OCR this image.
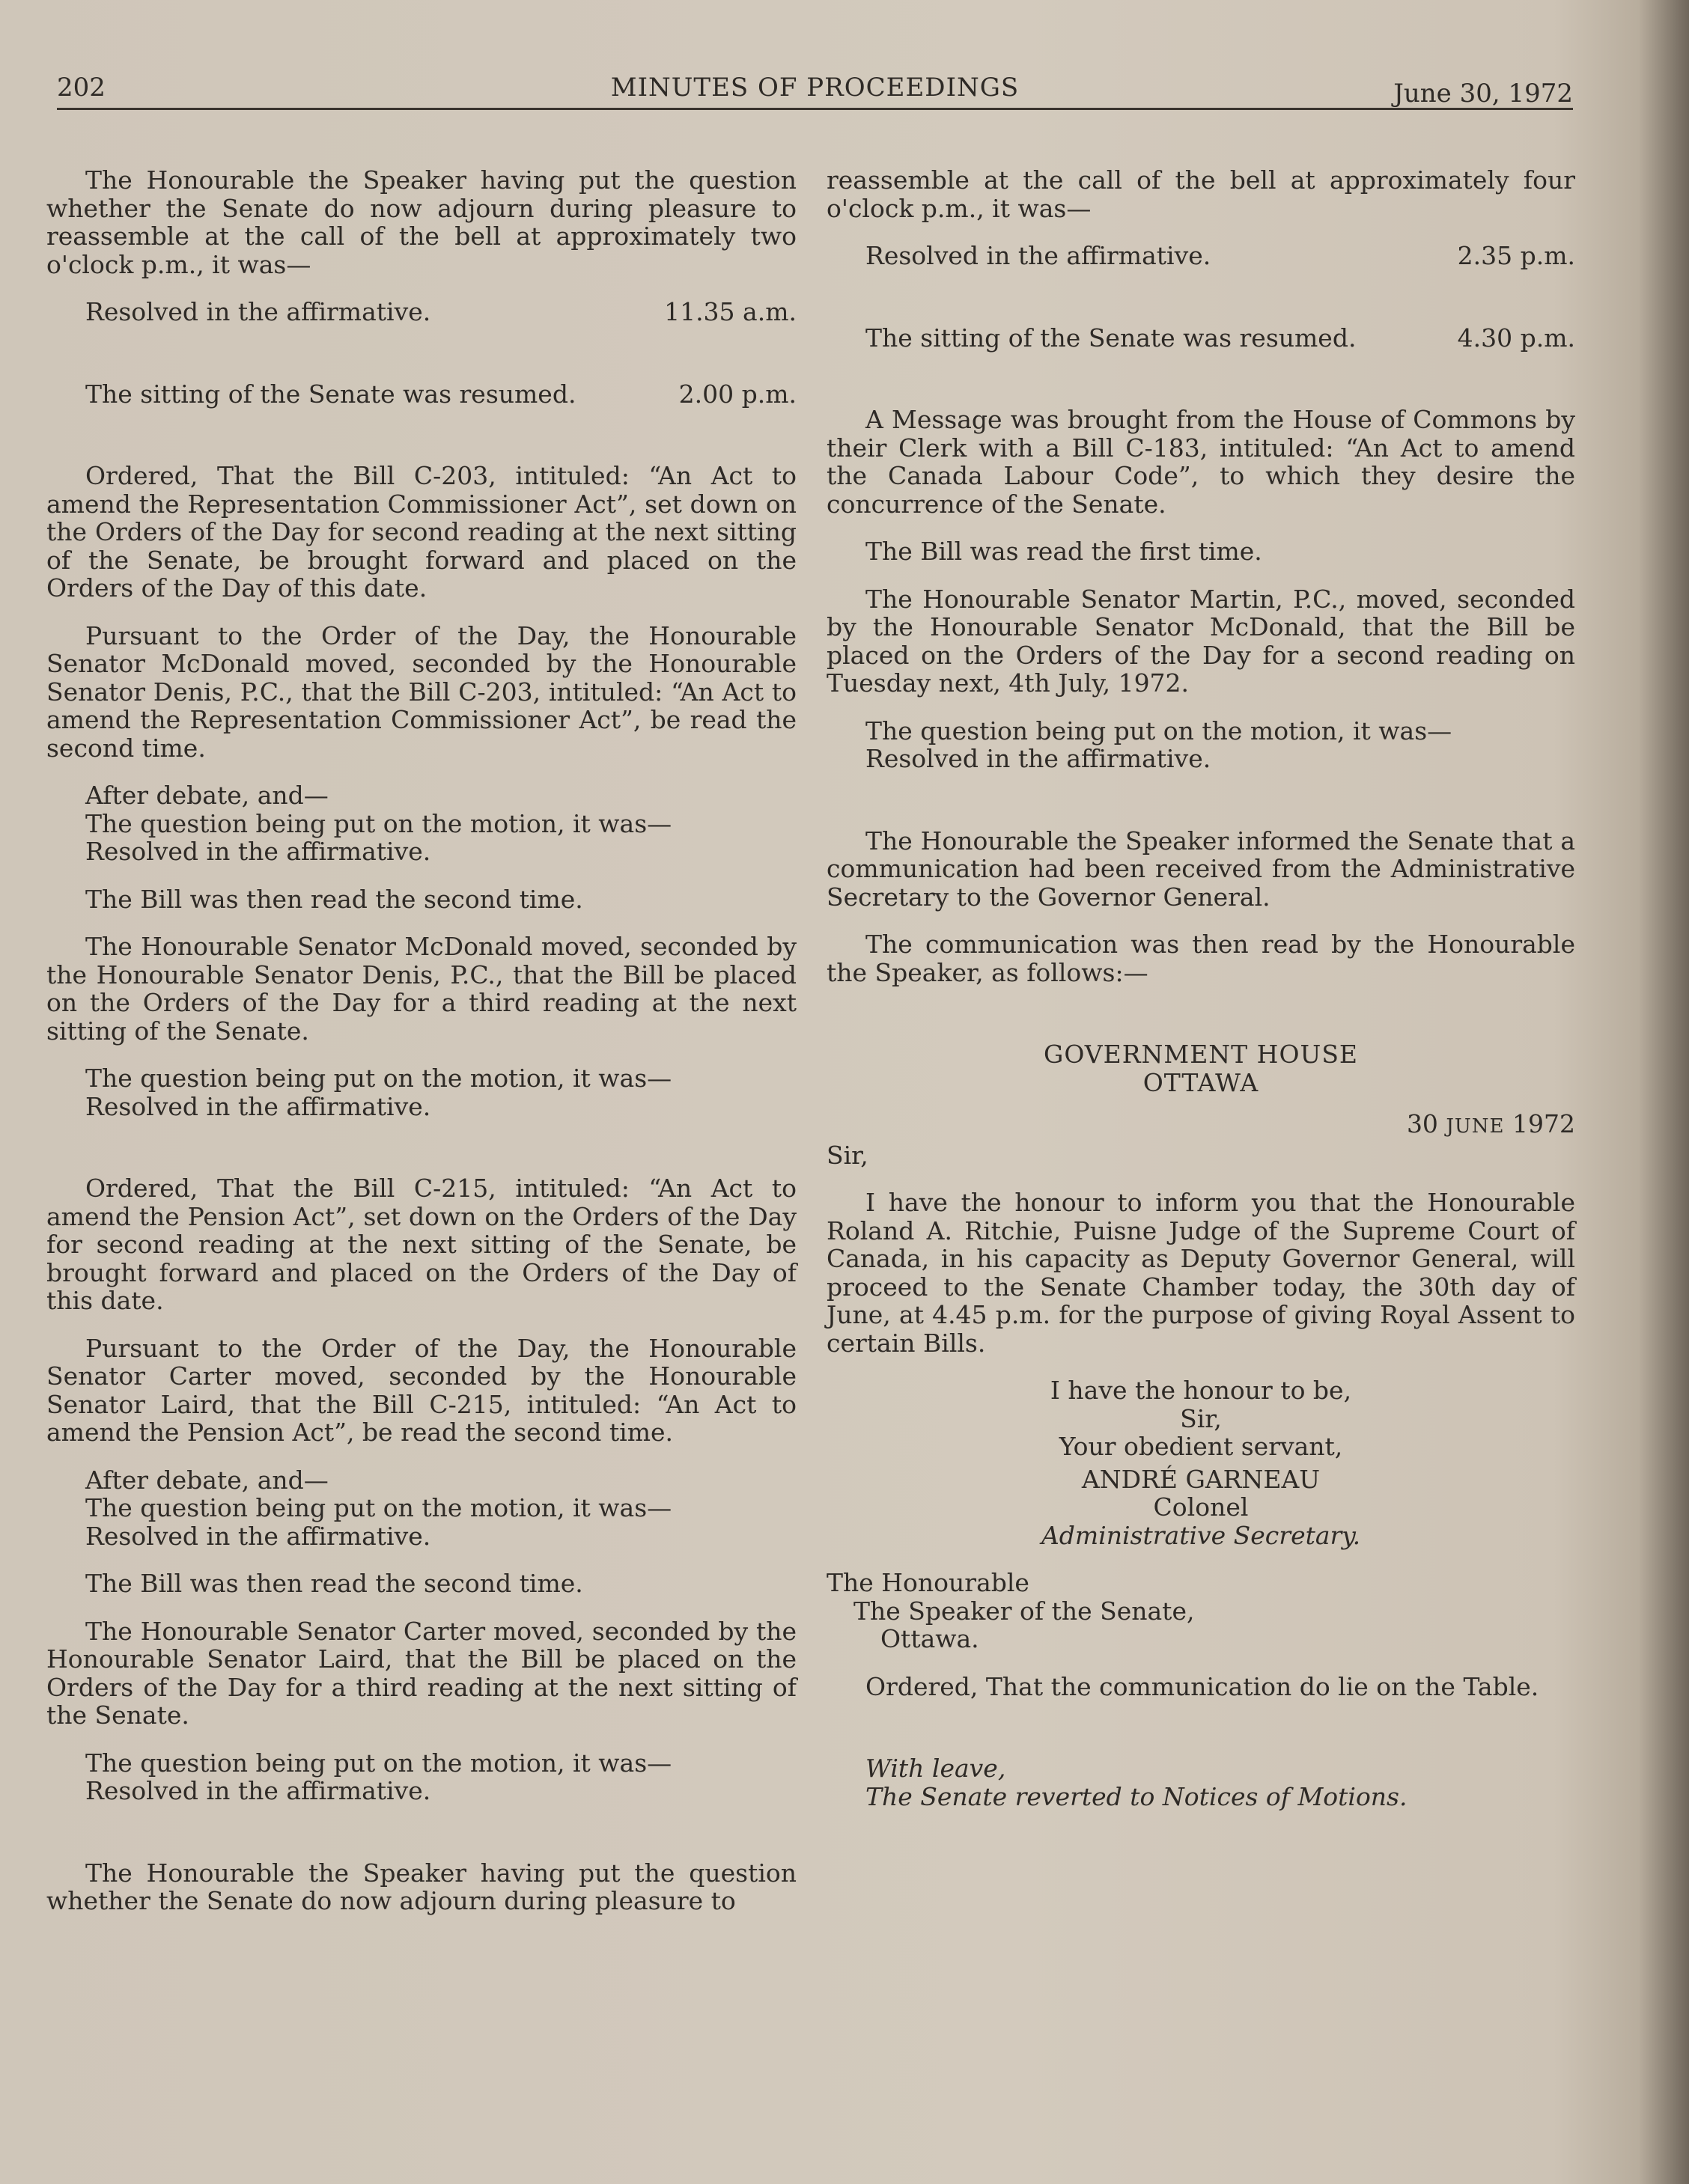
202	MINUTES OF PROCEEDINGS	June 30, 1972

The Honourable the Speaker having put the question whether the Senate do now adjourn during pleasure to reassemble at the call of the bell at approximately two o'clock p.m., it was—

Resolved in the affirmative.	11.35 a.m.
The sitting of the Senate was resumed.	2.00 p.m.

Ordered, That the Bill C-203, intituled: “An Act to amend the Representation Commissioner Act”, set down on the Orders of the Day for second reading at the next sitting of the Senate, be brought forward and placed on the Orders of the Day of this date.

Pursuant to the Order of the Day, the Honourable Senator McDonald moved, seconded by the Honourable Senator Denis, P.C., that the Bill C-203, intituled: “An Act to amend the Representation Commissioner Act”, be read the second time.

After debate, and—
The question being put on the motion, it was—
Resolved in the affirmative.

The Bill was then read the second time.

The Honourable Senator McDonald moved, seconded by the Honourable Senator Denis, P.C., that the Bill be placed on the Orders of the Day for a third reading at the next sitting of the Senate.

The question being put on the motion, it was—
Resolved in the affirmative.

Ordered, That the Bill C-215, intituled: “An Act to amend the Pension Act”, set down on the Orders of the Day for second reading at the next sitting of the Senate, be brought forward and placed on the Orders of the Day of this date.

Pursuant to the Order of the Day, the Honourable Senator Carter moved, seconded by the Honourable Senator Laird, that the Bill C-215, intituled: “An Act to amend the Pension Act”, be read the second time.

After debate, and—
The question being put on the motion, it was—
Resolved in the affirmative.

The Bill was then read the second time.

The Honourable Senator Carter moved, seconded by the Honourable Senator Laird, that the Bill be placed on the Orders of the Day for a third reading at the next sitting of the Senate.

The question being put on the motion, it was—
Resolved in the affirmative.

The Honourable the Speaker having put the question whether the Senate do now adjourn during pleasure to

reassemble at the call of the bell at approximately four o'clock p.m., it was—

Resolved in the affirmative.	2.35 p.m.
The sitting of the Senate was resumed.	4.30 p.m.

A Message was brought from the House of Commons by their Clerk with a Bill C-183, intituled: “An Act to amend the Canada Labour Code”, to which they desire the concurrence of the Senate.

The Bill was read the first time.

The Honourable Senator Martin, P.C., moved, seconded by the Honourable Senator McDonald, that the Bill be placed on the Orders of the Day for a second reading on Tuesday next, 4th July, 1972.

The question being put on the motion, it was—
Resolved in the affirmative.

The Honourable the Speaker informed the Senate that a communication had been received from the Administrative Secretary to the Governor General.

The communication was then read by the Honourable the Speaker, as follows:—

GOVERNMENT HOUSE

OTTAWA

30 JUNE 1972

Sir,

I have the honour to inform you that the Honourable Roland A. Ritchie, Puisne Judge of the Supreme Court of Canada, in his capacity as Deputy Governor General, will proceed to the Senate Chamber today, the 30th day of June, at 4.45 p.m. for the purpose of giving Royal Assent to certain Bills.

I have the honour to be,

Sir,

Your obedient servant,

ANDRÉ GARNEAU

Colonel

Administrative Secretary.

The Honourable

The Speaker of the Senate,

Ottawa.

Ordered, That the communication do lie on the Table.

With leave,
The Senate reverted to Notices of Motions.
